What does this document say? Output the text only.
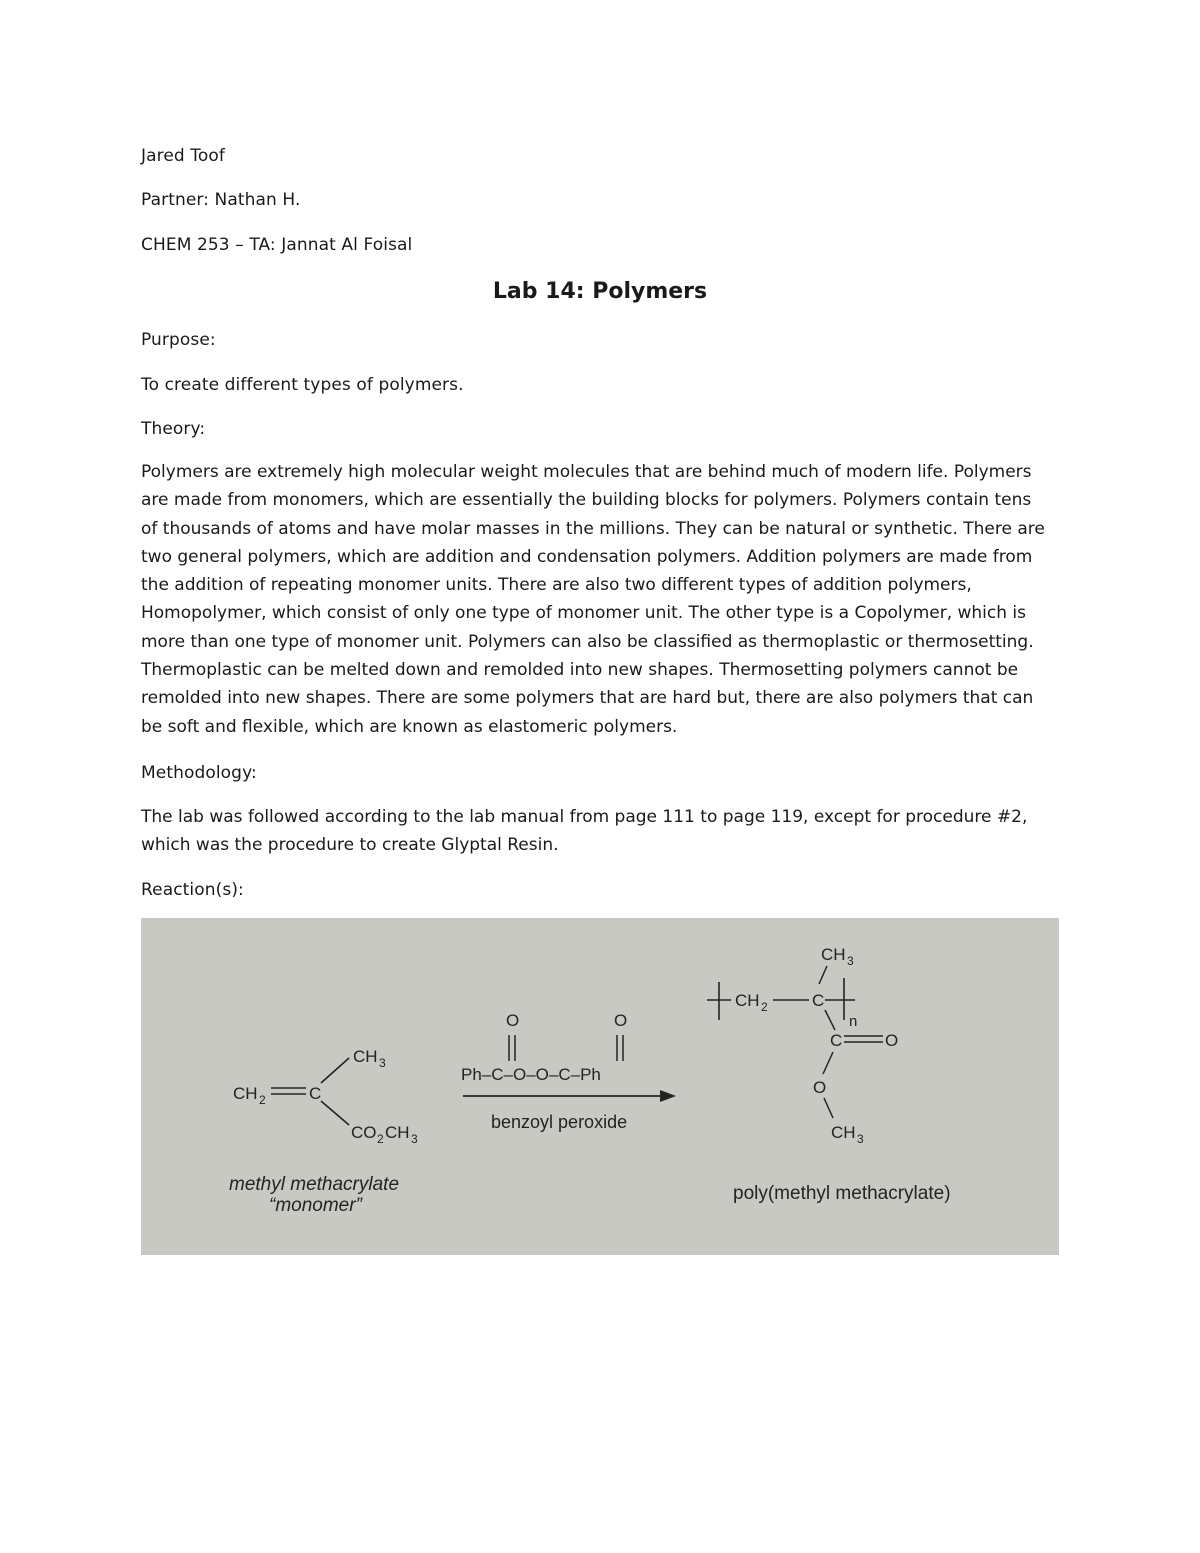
Jared Toof
Partner: Nathan H.
CHEM 253 – TA: Jannat Al Foisal
Lab 14: Polymers
Purpose:
To create different types of polymers.
Theory:
Polymers are extremely high molecular weight molecules that are behind much of modern life. Polymers
are made from monomers, which are essentially the building blocks for polymers. Polymers contain tens
of thousands of atoms and have molar masses in the millions. They can be natural or synthetic. There are
two general polymers, which are addition and condensation polymers. Addition polymers are made from
the addition of repeating monomer units. There are also two different types of addition polymers,
Homopolymer, which consist of only one type of monomer unit. The other type is a Copolymer, which is
more than one type of monomer unit. Polymers can also be classified as thermoplastic or thermosetting.
Thermoplastic can be melted down and remolded into new shapes. Thermosetting polymers cannot be
remolded into new shapes. There are some polymers that are hard but, there are also polymers that can
be soft and flexible, which are known as elastomeric polymers.
Methodology:
The lab was followed according to the lab manual from page 111 to page 119, except for procedure #2,
which was the procedure to create Glyptal Resin.
Reaction(s):
CH 2	C
CH 3
CO 2 CH 3
methyl methacrylate
“monomer”
O	O
Ph–C–O–O–C–Ph
benzoyl peroxide
CH 3
CH 2	C
n
C	O
O
CH 3
poly(methyl methacrylate)
